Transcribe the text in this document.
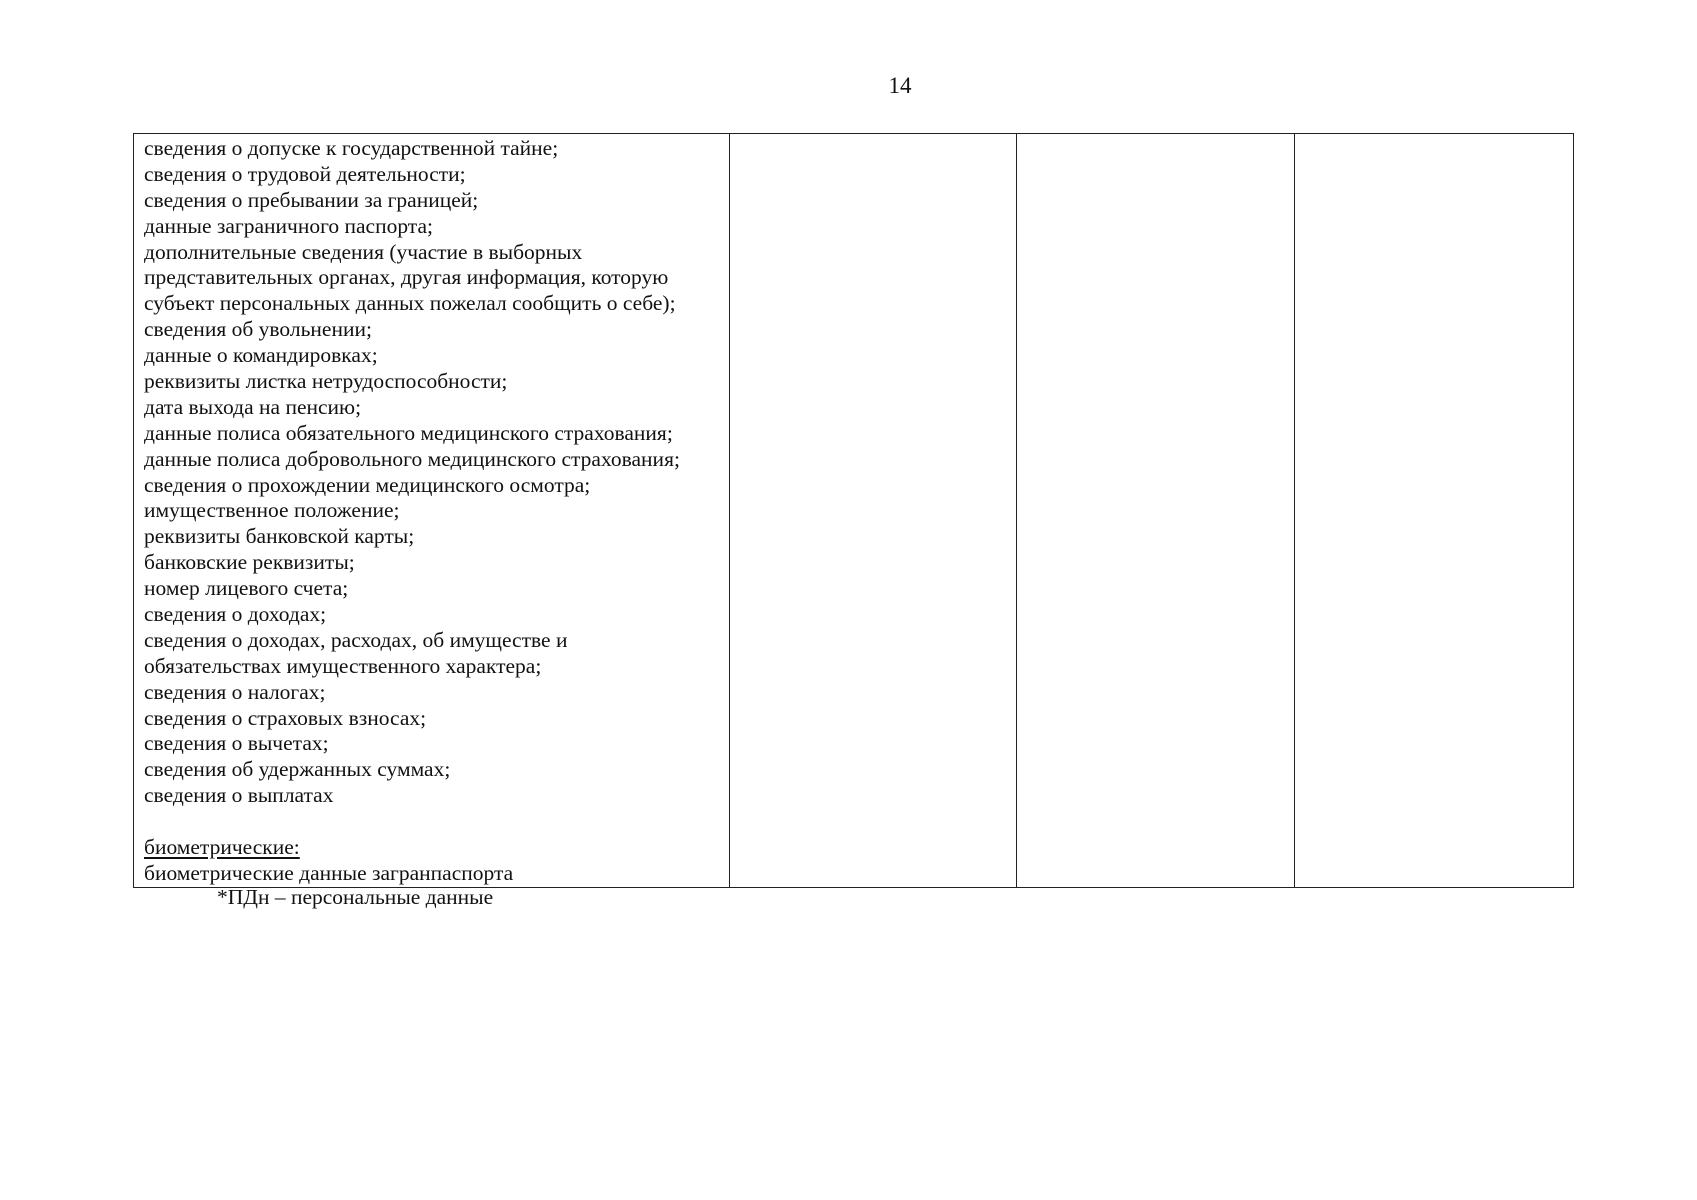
14
сведения о допуске к государственной тайне;
сведения о трудовой деятельности;
сведения о пребывании за границей;
данные заграничного паспорта;
дополнительные сведения (участие в выборных
представительных органах, другая информация, которую
субъект персональных данных пожелал сообщить о себе);
сведения об увольнении;
данные о командировках;
реквизиты листка нетрудоспособности;
дата выхода на пенсию;
данные полиса обязательного медицинского страхования;
данные полиса добровольного медицинского страхования;
сведения о прохождении медицинского осмотра;
имущественное положение;
реквизиты банковской карты;
банковские реквизиты;
номер лицевого счета;
сведения о доходах;
сведения о доходах, расходах, об имуществе и
обязательствах имущественного характера;
сведения о налогах;
сведения о страховых взносах;
сведения о вычетах;
сведения об удержанных суммах;
сведения о выплатах
биометрические:
биометрические данные загранпаспорта

*ПДн – персональные данные
